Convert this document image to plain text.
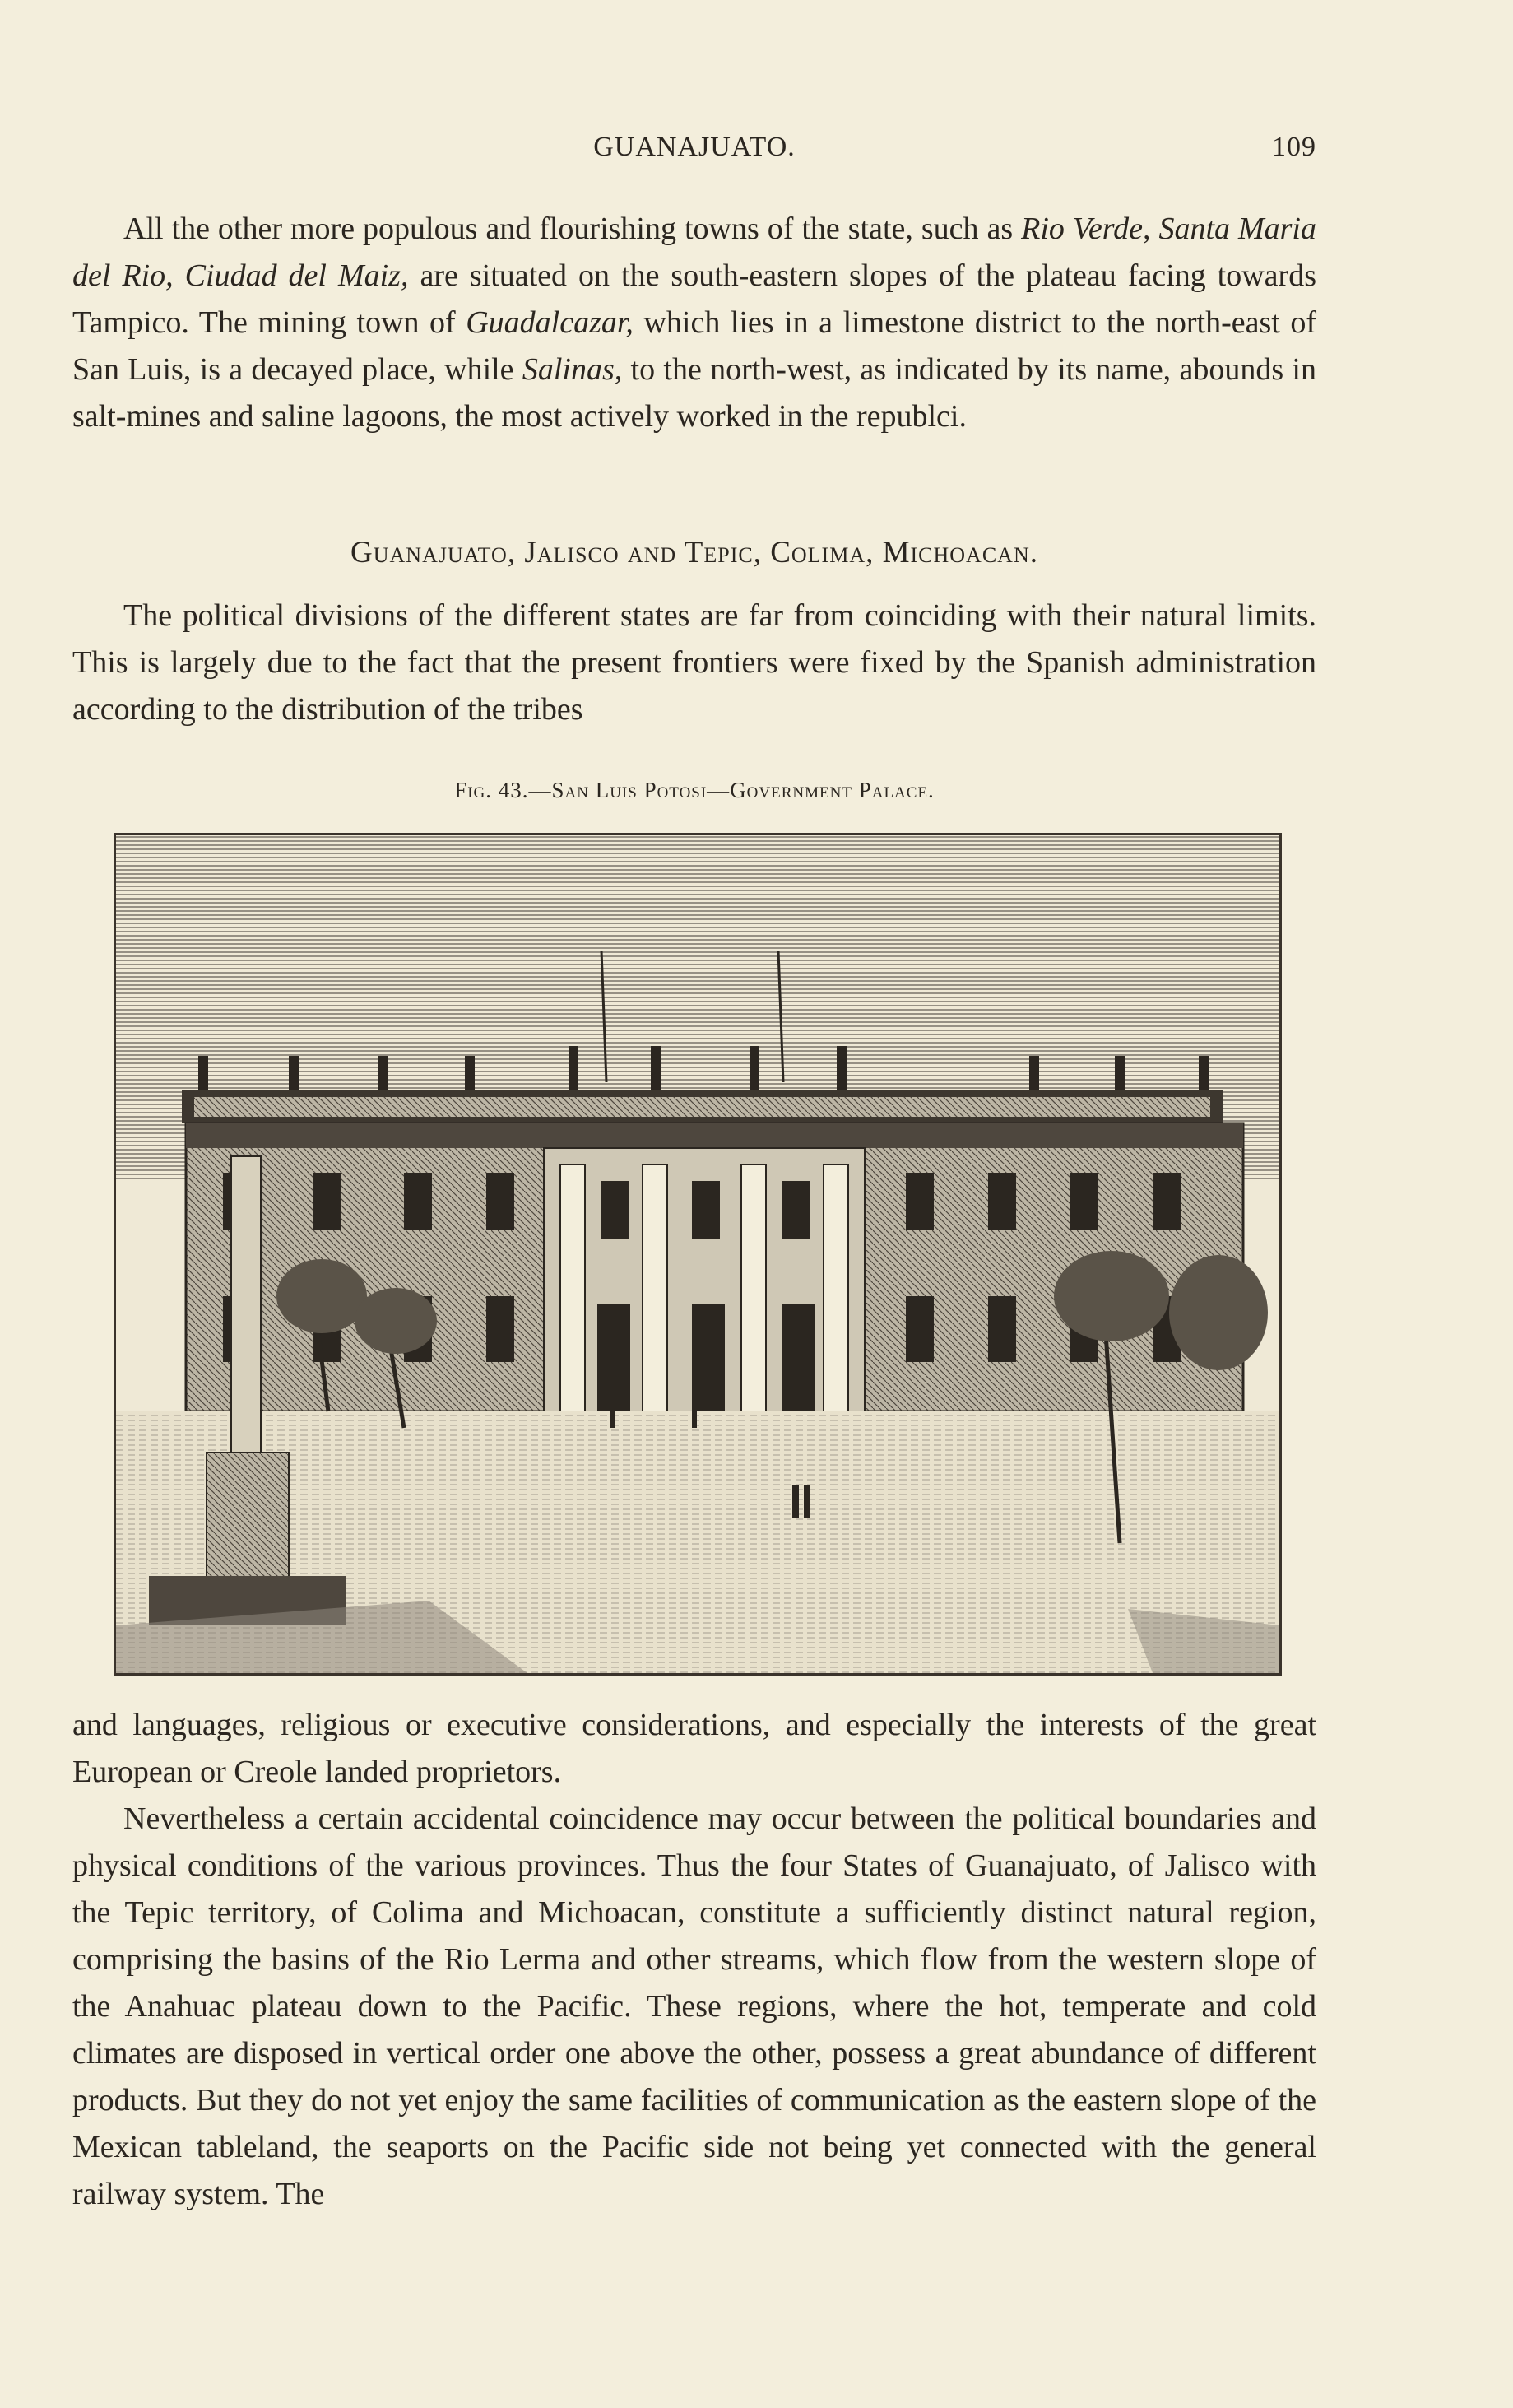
GUANAJUATO.	109

All the other more populous and flourishing towns of the state, such as Rio Verde, Santa Maria del Rio, Ciudad del Maiz, are situated on the south-eastern slopes of the plateau facing towards Tampico. The mining town of Guadalcazar, which lies in a limestone district to the north-east of San Luis, is a decayed place, while Salinas, to the north-west, as indicated by its name, abounds in salt-mines and saline lagoons, the most actively worked in the republci.

Guanajuato, Jalisco and Tepic, Colima, Michoacan.

The political divisions of the different states are far from coinciding with their natural limits. This is largely due to the fact that the present frontiers were fixed by the Spanish administration according to the distribution of the tribes

Fig. 43.—San Luis Potosi—Government Palace.

and languages, religious or executive considerations, and especially the interests of the great European or Creole landed proprietors.

Nevertheless a certain accidental coincidence may occur between the political boundaries and physical conditions of the various provinces. Thus the four States of Guanajuato, of Jalisco with the Tepic territory, of Colima and Michoacan, constitute a sufficiently distinct natural region, comprising the basins of the Rio Lerma and other streams, which flow from the western slope of the Anahuac plateau down to the Pacific. These regions, where the hot, temperate and cold climates are disposed in vertical order one above the other, possess a great abundance of different products. But they do not yet enjoy the same facilities of communication as the eastern slope of the Mexican tableland, the seaports on the Pacific side not being yet connected with the general railway system. The
